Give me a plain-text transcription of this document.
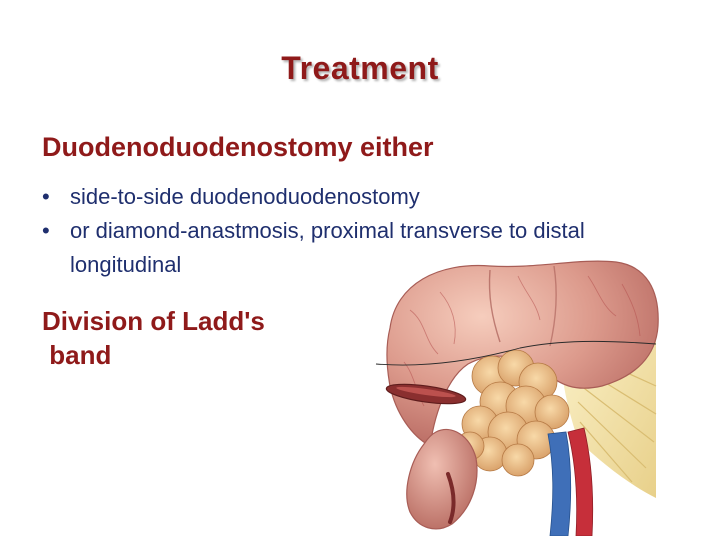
Treatment
Duodenoduodenostomy either
• side-to-side duodenoduodenostomy
• or diamond-anastmosis, proximal transverse to distal longitudinal
Division of Ladd's
band
